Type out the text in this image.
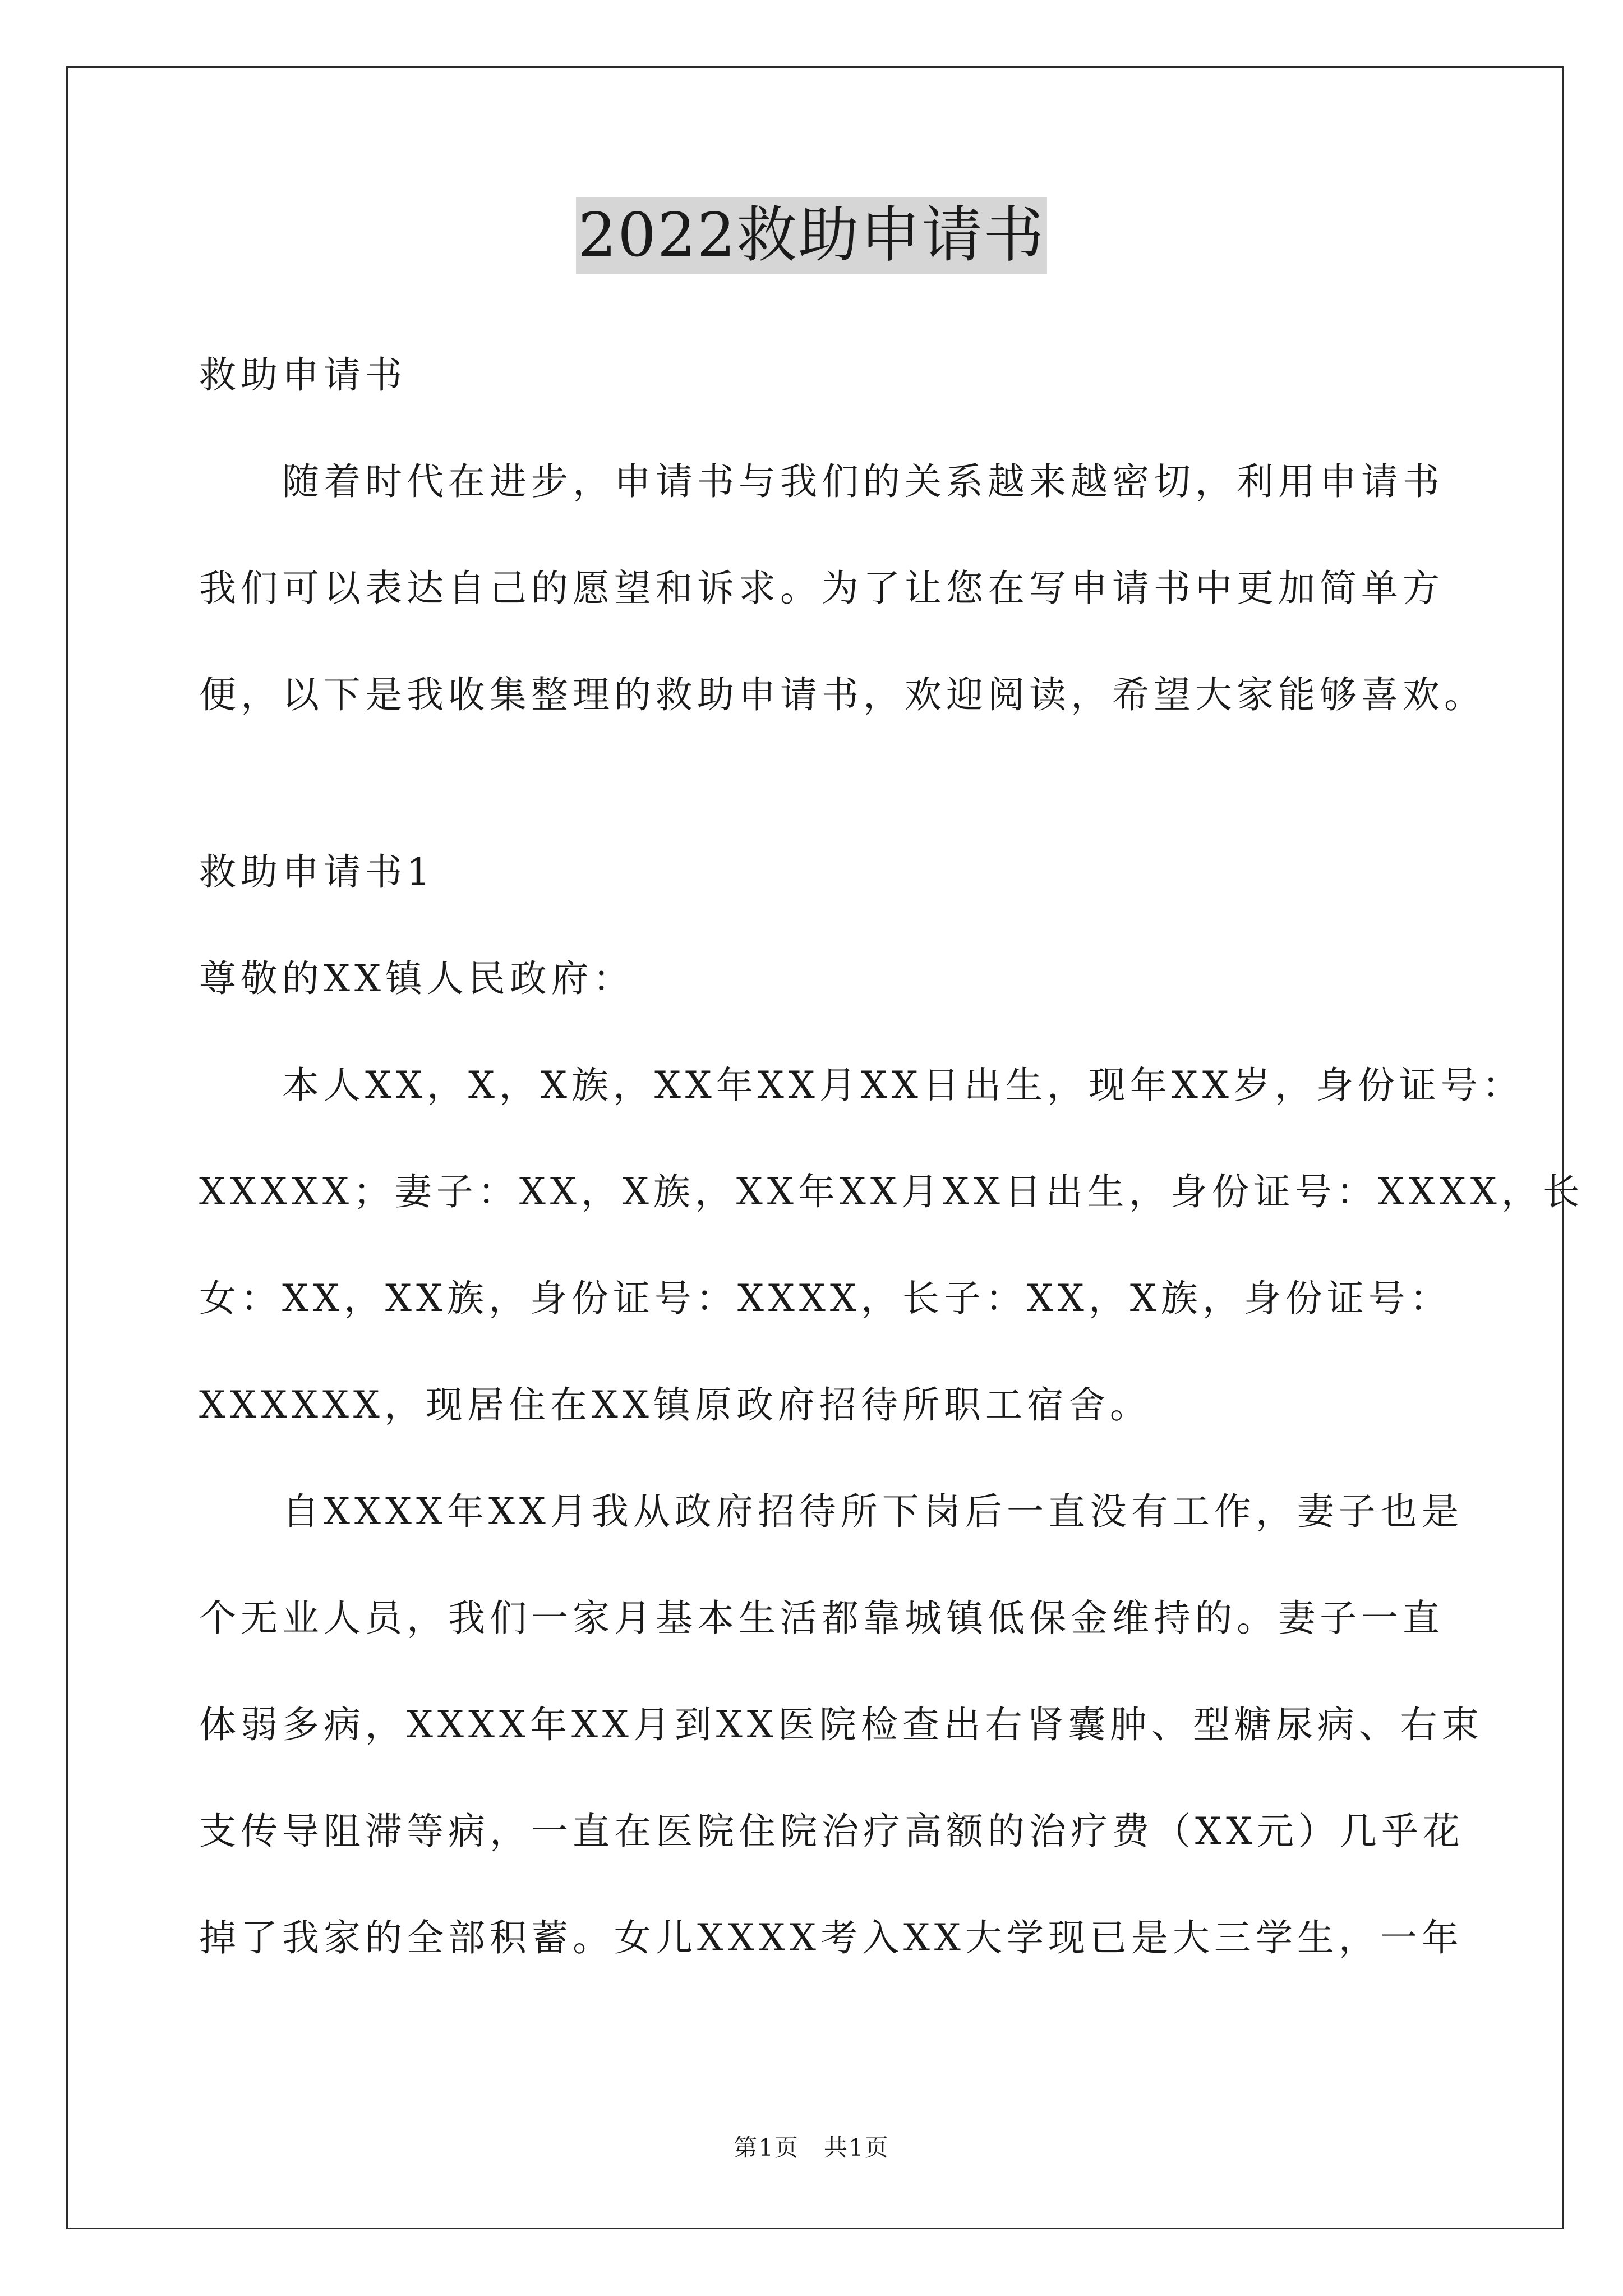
2022救助申请书
救助申请书
随着时代在进步，申请书与我们的关系越来越密切，利用申请书
我们可以表达自己的愿望和诉求。为了让您在写申请书中更加简单方
便，以下是我收集整理的救助申请书，欢迎阅读，希望大家能够喜欢。
救助申请书1
尊敬的XX镇人民政府：
本人XX，X，X族，XX年XX月XX日出生，现年XX岁，身份证号：
XXXXX；妻子：XX，X族，XX年XX月XX日出生，身份证号：XXXX，长
女：XX，XX族，身份证号：XXXX，长子：XX，X族，身份证号：
XXXXXX，现居住在XX镇原政府招待所职工宿舍。
自XXXX年XX月我从政府招待所下岗后一直没有工作，妻子也是
个无业人员，我们一家月基本生活都靠城镇低保金维持的。妻子一直
体弱多病，XXXX年XX月到XX医院检查出右肾囊肿、型糖尿病、右束
支传导阻滞等病，一直在医院住院治疗高额的治疗费（XX元）几乎花
掉了我家的全部积蓄。女儿XXXX考入XX大学现已是大三学生，一年
第1页　共1页
